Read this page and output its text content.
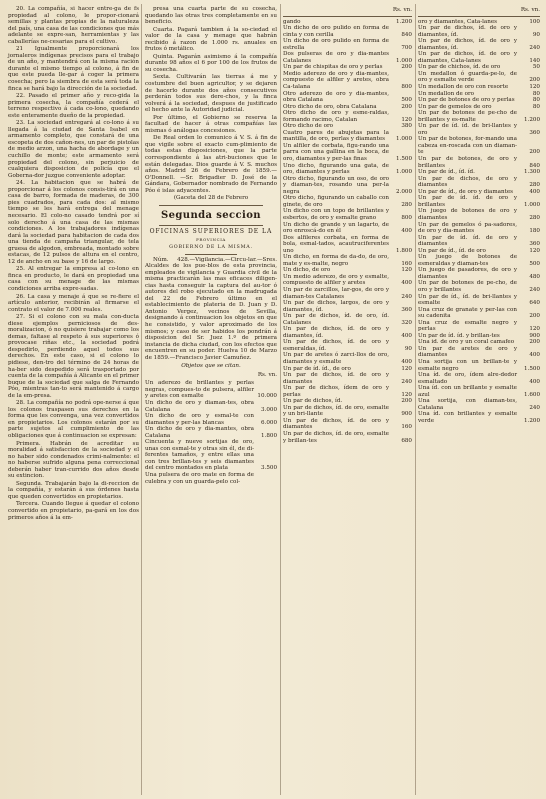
20. La compañía, si hacer entre-ga de fs propiedad al colono, le propor-cionará semillas y plantas propias de la naturaleza del país, una casa de las condiciones que más adelante se expre-san, herramientas y las caballerías ne-cesarias para el cultivo.

21 Igualmente proporcionará los jornaleros indígenas precisos para el trabajo de un año, y mantendrá con la misma ración durante el mismo tiempo al colono, á fin de que este pueda lle-gar á coger la primera cosecha; pero la siembra de esta será toda la finca se hará bajo la dirección de la sociedad.

22. Pasado el primer año y reco-gida la primera cosecha, la compañía cederá el terreno respectivo á cada co-lono, quedando este enteramente dueño de la propiedad.

23. La sociedad entregará al co-lono á su llegada á la ciudad de Santa Isabel en armamento completo, que constará de una escopeta de dos cañon-nes, un par de pistolas de medio arzon, una hacha de abordage y un cuchillo de monte; este armamento será propiedad del colono, sin perjuicio de cualquiera disposicion de policía que el Goberna-dor juzgue conveniente adoptar.

24. La habitacion que se habrá de proporcionar á los colonos consis-tirá en una casa de barro, formada de maderas, de 300 pies cuadrados, para cada dos: al mismo tiempo se les hará entrega del menage necesario. El colo-no casado tendrá por sí solo derecho á una casa de las mismas condiciones. A los trabajadores indígenas dará la sociedad para habitacion de cada dos una tienda de campaña triangular, de tela gruesa de algodon, embreada, montado sobre estacas, de 12 pulsos de altura en el centro, 12 de ancho en su base y 16 de largo.

25. Al entregar la empresa al co-lono en finca en producto, le dará en propiedad una casa con su menage de las mismas condiciones arriba expre-sadas.

26. La casa y menaje á que se re-fiere el artículo anterior, recibirán al firmarse el contrato el valor de 7.000 reales.

27. Si el colono con su mala con-ducta diese ejemplos perniciosos de des-moralizacion, ó no quisiere trabajar como los demas, faltase al respeto á sus superiores ó provocase riñas etc., la sociedad podrá despedirlo, perdiendo aquel todos sus derechos. En este caso, si el colono lo pidiese, den-tro del término de 24 horas de ha-ber sido despedido será trasportado por cuenta de la compañía á Alicante en el primer buque de la sociedad que salga de Fernando Póo, mientras tan-to será mantenido á cargo de la em-presa.

28. La compañía no podrá ope-nerse á que los colonos traspasen sus derechos en la forma que les convenga, una vez convertidos en propietarios. Los colonos estarán por su parte sujetos al cumplimiento de las obligaciones que á continuacion se expresan:

Primera. Habrán de acreditar su moralidad á satisfaccion de la sociedad y el no haber sido condenados crimi-nalmente: el no haberse sufrido alguna pena correccional deberán haber tran-currido dos años desde su extincion.

Segunda. Trabajarán bajo la di-reccion de la compañía, y estarán á sus órdenes hasta que queden convertidos en propietarios.

Tercera. Cuando llegue á quedar el colono convertido en propietario, pa-gará en los dos primeros años á la em-

presa una cuarta parte de su cosecha, quedando las otras tres completamente en su beneficio.

Cuarta. Pagará tambien á la so-ciedad el valor de la casa y menage que habrán recibido á razon de 1.000 rs. anuales en frutos ó metálico.

Quinta. Pagarán asimismo á la compañía durante 98 años el 6 por 100 de los frutos de su cosecha.

Sexta. Cultivarán las tierras á me y costumbre del buen agricultor, y se dejaren de hacerlo durante dos años consecutivos perderán todos sus dere-chos, y la finca volverá á la sociedad, despues de justificado el hecho ante la Autoridad judicial.

Por último, el Gobierno se reserva la facultad de hacer á otras compañías las mismas ó análogas concesiones.

De Real orden lo comunico á V. S. á fin de que vigile sobre el exacto cum-plimiento de todas estas disposiciones, que la parte correspondiente á las atri-buciones que le están delegadas. Dios guarde á V. S. muchos años. Madrid 26 de Febrero de 1859.—O'Donnell. —Sr. Brigadier D. José de la Gándara, Gobernador nombrado de Fernando Póo é islas adyacentes.

(Gaceta del 28 de Febrero

Segunda seccion
OFICINAS SUPERIORES DE LA
PROVINCIA
GOBIERNO DE LA MISMA.

Núm. 428.—Vigilancia.—Circu-lar.—Sres. Alcaldes de los pue-blos de esta provincia, empleados de vigilancia y Guardia civil de la misma practicarán las mas eficaces diligen-cias hasta conseguir la captura del au-tor ó autores del robo ejecutado en la madrugada del 22 de Febrero último en el establecimiento de plateria de D. Juan y D. Antonio Vergez, vecinos de Sevilla, designando á continuacion los objetos en que he consistido, y valor aproximado de los mismos; y caso de ser habidos los pondrán á disposicion del Sr. Juez 1.º de primera instancia de dicha ciudad, con los efectos que encuentren en su poder. Huelva 10 de Marzo de 1859.—Francisco Javier Camuñez.

Objetos que se citan.
Rs. vn.
Un aderezo de brillantes y perlas negras, compues-to de pulsera, alfiler y aretes con esmalte	10.000
Un dicho de oro y diaman-tes, obra Catalana	3.000
Un dicho de oro y esmal-te con diamantes y per-las blancas	6.000
Un dicho de oro y dia-mantes, obra Catalana	1.800
Cincuenta y nueve sortijas de oro, unas con esmal-te y otras sin él, de di-ferentes tamaños, y entre ellas una con tres brillan-tes y seis diamantes del centro montados en plata	3.500
Una pulsera de oro mate en forma de culebra y con un guarda-pelo col-
Rs. vn.
gando	1.200
Un dicho de oro pulido en forma de cinta y con cerilla	840
Un dicho de oro pulido en forma de estrella	700
Dos pulseras de oro y dia-mantes Catalanes	1.000
Un par de chispitas de oro y perlas	200
Medio aderezo de oro y dia-mantes, compuesto de alfiler y aretes, obra Ca-talana	800
Otro aderezo de oro y dia-mantes, obra Catalana	500
Otro dicho de oro, obra Catalana	200
Otro dicho de oro y esme-raldas, formando racimo, Catalan	120
Otro dicho de oro	380
Cuatro pares de abujetas para la mantilla, de oro, perlas y diamantes	1.000
Un alfiler de corbata, figu-rando una parra con una gallina en la boca, de oro, diamantes y per-las finas	1.500
Uno dicho, figurando una gata, de oro, diamantes y perlas	1.000
Otro dicho, figurando un oso, de oro y diaman-tes, rosando una per-la negra	2.000
Otro dicho, figurando un caballo con ginete, de oro	280
Un dicho con un topo de brillantes y esbertos, de oro y esmalte grano	800
Un dicho de grande y un lagarto, de oro enroscá-do en él	400
Dos alfileres corbata, en forma de bola, esmal-tados, acautruciferentes uno	1.800
Un dicho, en forma de da-do, de oro, mate y es-malte, negro	160
Un dicho, de oro	120
Un medio aderezo, de oro y esmalte, compuesto de alfiler y aretes	400
Un par de zarcillos, lar-gos, de oro y diaman-tes Catalanes	240
Un par de dichos, largos, de oro y diamantes, íd.	360
Un par de dichos, íd. de oro, íd. Catalanes	320
Un par de dichos, íd. de oro y diamantes, íd.	400
Un par de dichos, íd. de oro y esmeraldas, íd.	90
Un par de aretes ó zarci-llos de oro, diamantes y esmalte	400
Un par de íd. íd., de oro	120
Un par de dichos, íd. de oro y diamantes	240
Un par de dichos, ídem de oro y perlas	120
Un par de dichos, íd.	200
Un par de dichos, íd. de oro, esmalte y un bri-llante	900
Un par de dichos, íd. de oro y diamantes	160
Un par de dichos, íd. de oro, esmalte y brillan-tes	680
Rs. vn.
oro y diamantes, Cata-lanes	100
Un par de dichos, íd. de oro y diamantes, íd.	90
Un par de dichos, íd. de oro y diamantes, íd.	240
Un par de dichos, íd. de oro y diamantes, Cata-lanes	140
Un par de chichos, íd. de oro	50
Un medallon ó guarda-pe-lo, de oro y esmalte verde	200
Un medallon de oro con resorte	120
Un medallon de oro	80
Un par de botones de oro y perlas	80
Un par de gemelos de oro	80
Un par de botones de pe-cho de brillantes y es-malte	1.200
Un par de íd. íd. de bri-llantes y oro	360
Un par de botones, for-mando una cabeza en-roscada con un diaman-te	200
Un par de botones, de oro y brillantes	840
Un par de íd., íd. íd.	1.300
Un par de dichos, de oro y diamantes	280
Un par de íd., de oro y diamantes	400
Un par de íd. íd. de oro y brillantes	1.000
Un juego de botones de oro y diamantes	280
Un par de gemelos ó pa-sadores, de oro y dia-mantes	180
Un par de íd. íd. de oro y diamantes	360
Un par de íd., íd. de oro	120
Un juego de botones de esmeraldas y diaman-tes	500
Un juego de pasadores, de oro y diamantes	480
Un par de botones de pe-cho, de oro y brillantes	240
Un par de íd., íd. de bri-llantes y esmalte	640
Una cruz de granate y per-las con su cadenita	200
Una cruz de esmalte negro y perlas	120
Un par de íd. íd. y brillan-tes	900
Una id. de oro y un coral camafeo	200
Un par de aretes de oro y diamantes	400
Una sortija con un brillan-te y esmalte negro	1.500
Una íd. de oro, ídem alre-dedor esmaltado	400
Una íd. con un brillante y esmalte azul	1.600
Una sortija, con diaman-tes, Catalana	240
Una íd. con brillantes y esmalte verde	1.200
